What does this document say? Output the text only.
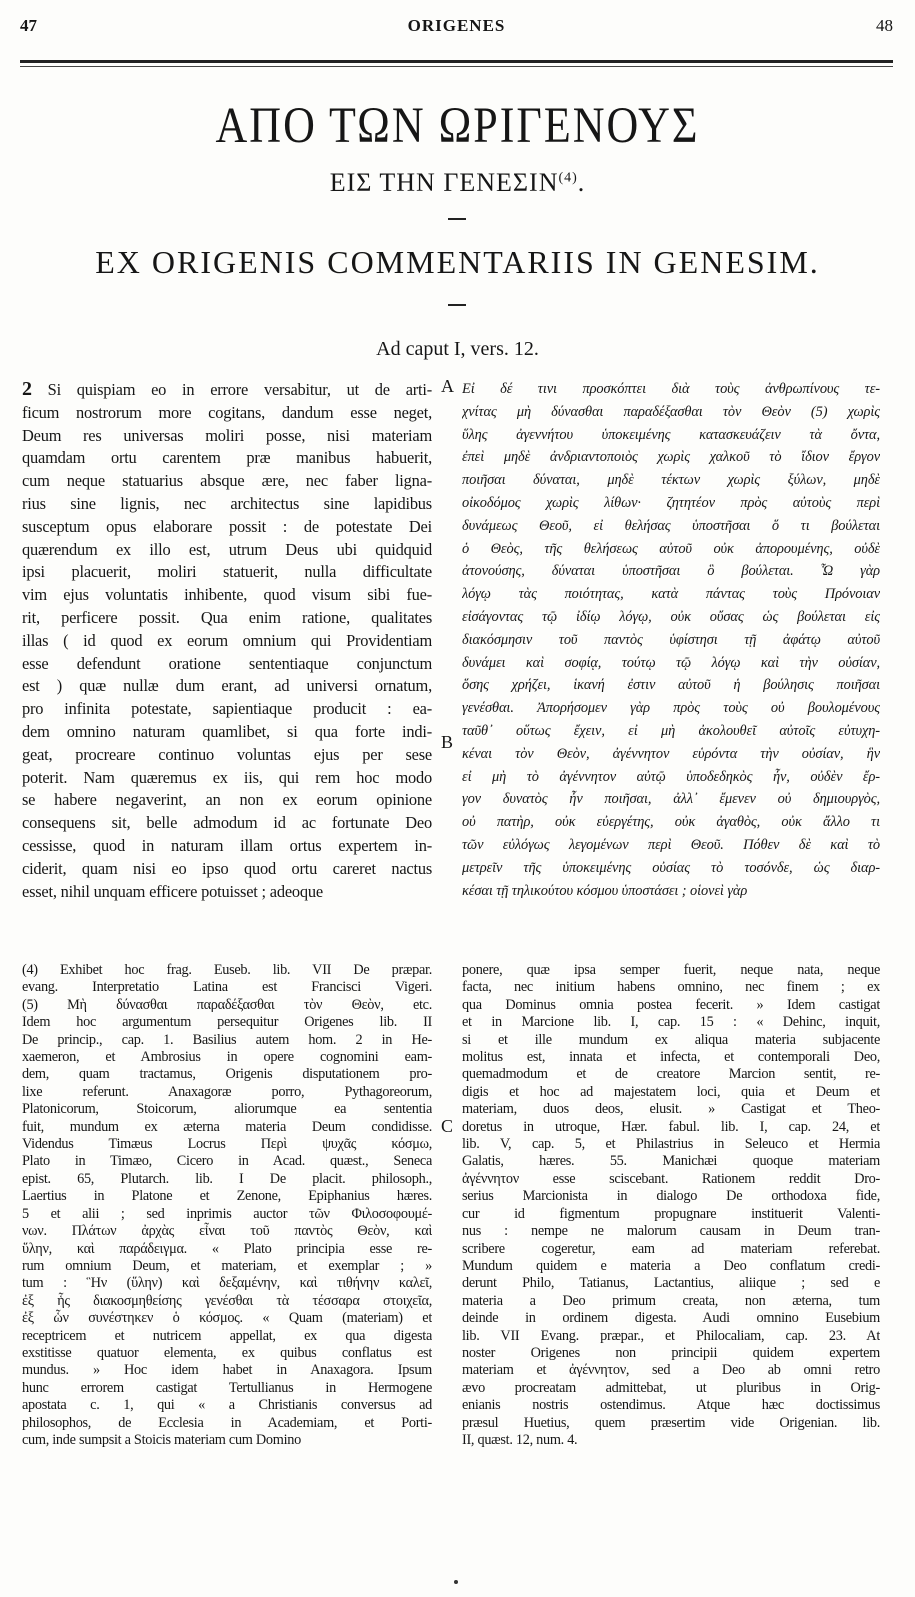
47	ORIGENES	48
ΑΠΟ ΤΩΝ ΩΡΙΓΕΝΟΥΣ
ΕΙΣ ΤΗΝ ΓΕΝΕΣΙΝ$^{(4)}$.
EX ORIGENIS COMMENTARIIS IN GENESIM.
Ad caput I, vers. 12.
2 Si quispiam eo in errore versabitur, ut de arti-
ficum nostrorum more cogitans, dandum esse neget,
Deum res universas moliri posse, nisi materiam
quamdam ortu carentem præ manibus habuerit,
cum neque statuarius absque ære, nec faber ligna-
rius sine lignis, nec architectus sine lapidibus
susceptum opus elaborare possit : de potestate Dei
quærendum ex illo est, utrum Deus ubi quidquid
ipsi placuerit, moliri statuerit, nulla difficultate
vim ejus voluntatis inhibente, quod visum sibi fue-
rit, perficere possit. Qua enim ratione, qualitates
illas ( id quod ex eorum omnium qui Providentiam
esse defendunt oratione sententiaque conjunctum
est ) quæ nullæ dum erant, ad universi ornatum,
pro infinita potestate, sapientiaque producit : ea-
dem omnino naturam quamlibet, si qua forte indi-
geat, procreare continuo voluntas ejus per sese
poterit. Nam quæremus ex iis, qui rem hoc modo
se habere negaverint, an non ex eorum opinione
consequens sit, belle admodum id ac fortunate Deo
cessisse, quod in naturam illam ortus expertem in-
ciderit, quam nisi eo ipso quod ortu careret nactus
esset, nihil unquam efficere potuisset ; adeoque
Εἰ δέ τινι προσκόπτει διὰ τοὺς ἀνθρωπίνους τε-
χνίτας μὴ δύνασθαι παραδέξασθαι τὸν Θεὸν (5) χωρὶς
ὕλης ἀγεννήτου ὑποκειμένης κατασκευάζειν τὰ ὄντα,
ἐπεὶ μηδὲ ἀνδριαντοποιὸς χωρὶς χαλκοῦ τὸ ἴδιον ἔργον
ποιῆσαι δύναται, μηδὲ τέκτων χωρὶς ξύλων, μηδὲ
οἰκοδόμος χωρὶς λίθων· ζητητέον πρὸς αὐτοὺς περὶ
δυνάμεως Θεοῦ, εἰ θελήσας ὑποστῆσαι ὅ τι βούλεται
ὁ Θεὸς, τῆς θελήσεως αὐτοῦ οὐκ ἀπορουμένης, οὐδὲ
ἀτονούσης, δύναται ὑποστῆσαι ὃ βούλεται. Ὧ γὰρ
λόγῳ τὰς ποιότητας, κατὰ πάντας τοὺς Πρόνοιαν
εἰσάγοντας τῷ ἰδίῳ λόγῳ, οὐκ οὔσας ὡς βούλεται εἰς
διακόσμησιν τοῦ παντὸς ὑφίστησι τῇ ἀφάτῳ αὐτοῦ
δυνάμει καὶ σοφίᾳ, τούτῳ τῷ λόγῳ καὶ τὴν οὐσίαν,
ὅσης χρήζει, ἱκανή ἐστιν αὐτοῦ ἡ βούλησις ποιῆσαι
γενέσθαι. Ἀπορήσομεν γὰρ πρὸς τοὺς οὐ βουλομένους
ταῦθ᾽ οὕτως ἔχειν, εἰ μὴ ἀκολουθεῖ αὐτοῖς εὐτυχη-
κέναι τὸν Θεὸν, ἀγέννητον εὑρόντα τὴν οὐσίαν, ἣν
εἰ μὴ τὸ ἀγέννητον αὐτῷ ὑποδεδηκὸς ἦν, οὐδὲν ἔρ-
γον δυνατὸς ἦν ποιῆσαι, ἀλλ᾽ ἔμενεν οὐ δημιουργὸς,
οὐ πατὴρ, οὐκ εὐεργέτης, οὐκ ἀγαθὸς, οὐκ ἄλλο τι
τῶν εὐλόγως λεγομένων περὶ Θεοῦ. Πόθεν δὲ καὶ τὸ
μετρεῖν τῆς ὑποκειμένης οὐσίας τὸ τοσόνδε, ὡς διαρ-
κέσαι τῇ τηλικούτου κόσμου ὑποστάσει ; οἱονεὶ γὰρ
A
B
C
(4) Exhibet hoc frag. Euseb. lib. VII De præpar.
evang. Interpretatio Latina est Francisci Vigeri.
(5) Μὴ δύνασθαι παραδέξασθαι τὸν Θεὸν, etc.
Idem hoc argumentum persequitur Origenes lib. II
De princip., cap. 1. Basilius autem hom. 2 in He-
xaemeron, et Ambrosius in opere cognomini eam-
dem, quam tractamus, Origenis disputationem pro-
lixe referunt. Anaxagoræ porro, Pythagoreorum,
Platonicorum, Stoicorum, aliorumque ea sententia
fuit, mundum ex æterna materia Deum condidisse.
Videndus Timæus Locrus Περὶ ψυχᾶς κόσμω,
Plato in Timæo, Cicero in Acad. quæst., Seneca
epist. 65, Plutarch. lib. I De placit. philosoph.,
Laertius in Platone et Zenone, Epiphanius hæres.
5 et alii ; sed inprimis auctor τῶν Φιλοσοφουμέ-
νων. Πλάτων ἀρχὰς εἶναι τοῦ παντὸς Θεὸν, καὶ
ὕλην, καὶ παράδειγμα. « Plato principia esse re-
rum omnium Deum, et materiam, et exemplar ; »
tum : Ἣν (ὕλην) καὶ δεξαμένην, καὶ τιθήνην καλεῖ,
ἐξ ἧς διακοσμηθείσης γενέσθαι τὰ τέσσαρα στοιχεῖα,
ἐξ ὧν συνέστηκεν ὁ κόσμος. « Quam (materiam) et
receptricem et nutricem appellat, ex qua digesta
exstitisse quatuor elementa, ex quibus conflatus est
mundus. » Hoc idem habet in Anaxagora. Ipsum
hunc errorem castigat Tertullianus in Hermogene
apostata c. 1, qui « a Christianis conversus ad
philosophos, de Ecclesia in Academiam, et Porti-
cum, inde sumpsit a Stoicis materiam cum Domino
ponere, quæ ipsa semper fuerit, neque nata, neque
facta, nec initium habens omnino, nec finem ; ex
qua Dominus omnia postea fecerit. » Idem castigat
et in Marcione lib. I, cap. 15 : « Dehinc, inquit,
si et ille mundum ex aliqua materia subjacente
molitus est, innata et infecta, et contemporali Deo,
quemadmodum et de creatore Marcion sentit, re-
digis et hoc ad majestatem loci, quia et Deum et
materiam, duos deos, elusit. » Castigat et Theo-
doretus in utroque, Hær. fabul. lib. I, cap. 24, et
lib. V, cap. 5, et Philastrius in Seleuco et Hermia
Galatis, hæres. 55. Manichæi quoque materiam
ἀγέννητον esse sciscebant. Rationem reddit Dro-
serius Marcionista in dialogo De orthodoxa fide,
cur id figmentum propugnare instituerit Valenti-
nus : nempe ne malorum causam in Deum tran-
scribere cogeretur, eam ad materiam referebat.
Mundum quidem e materia a Deo conflatum credi-
derunt Philo, Tatianus, Lactantius, aliique ; sed e
materia a Deo primum creata, non æterna, tum
deinde in ordinem digesta. Audi omnino Eusebium
lib. VII Evang. præpar., et Philocaliam, cap. 23. At
noster Origenes non principii quidem expertem
materiam et ἀγέννητον, sed a Deo ab omni retro
ævo procreatam admittebat, ut pluribus in Orig-
enianis nostris ostendimus. Atque hæc doctissimus
præsul Huetius, quem præsertim vide Origenian. lib.
II, quæst. 12, num. 4.
